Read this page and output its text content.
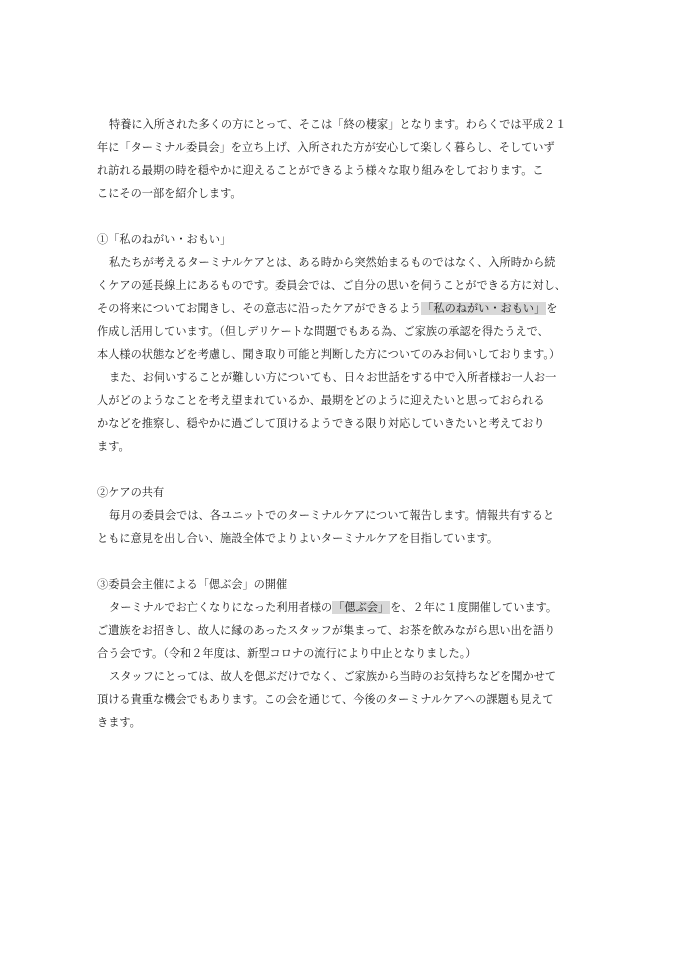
特養に入所された多くの方にとって、そこは「終の棲家」となります。わらくでは平成２１
年に「ターミナル委員会」を立ち上げ、入所された方が安心して楽しく暮らし、そしていず
れ訪れる最期の時を穏やかに迎えることができるよう様々な取り組みをしております。こ
こにその一部を紹介します。
①「私のねがい・おもい」
私たちが考えるターミナルケアとは、ある時から突然始まるものではなく、入所時から続
くケアの延長線上にあるものです。委員会では、ご自分の思いを伺うことができる方に対し、
その将来についてお聞きし、その意志に沿ったケアができるよう「私のねがい・おもい」を
作成し活用しています。（但しデリケートな問題でもある為、ご家族の承認を得たうえで、
本人様の状態などを考慮し、聞き取り可能と判断した方についてのみお伺いしております。）
また、お伺いすることが難しい方についても、日々お世話をする中で入所者様お一人お一
人がどのようなことを考え望まれているか、最期をどのように迎えたいと思っておられる
かなどを推察し、穏やかに過ごして頂けるようできる限り対応していきたいと考えており
ます。
②ケアの共有
毎月の委員会では、各ユニットでのターミナルケアについて報告します。情報共有すると
ともに意見を出し合い、施設全体でよりよいターミナルケアを目指しています。
③委員会主催による「偲ぶ会」の開催
ターミナルでお亡くなりになった利用者様の「偲ぶ会」を、２年に１度開催しています。
ご遺族をお招きし、故人に縁のあったスタッフが集まって、お茶を飲みながら思い出を語り
合う会です。（令和２年度は、新型コロナの流行により中止となりました。）
スタッフにとっては、故人を偲ぶだけでなく、ご家族から当時のお気持ちなどを聞かせて
頂ける貴重な機会でもあります。この会を通じて、今後のターミナルケアへの課題も見えて
きます。
